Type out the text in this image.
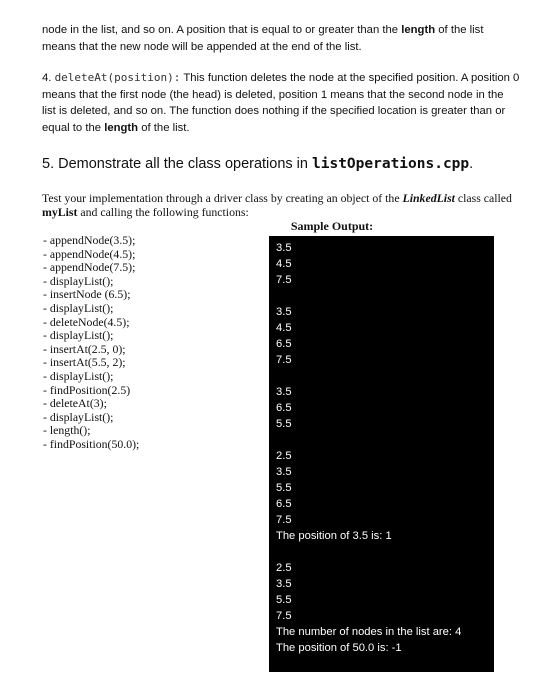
node in the list, and so on. A position that is equal to or greater than the length of the list means that the new node will be appended at the end of the list.
4. deleteAt(position): This function deletes the node at the specified position. A position 0 means that the first node (the head) is deleted, position 1 means that the second node in the list is deleted, and so on. The function does nothing if the specified location is greater than or equal to the length of the list.
5. Demonstrate all the class operations in listOperations.cpp.
Test your implementation through a driver class by creating an object of the LinkedList class called myList and calling the following functions:
Sample Output:
- appendNode(3.5);
- appendNode(4.5);
- appendNode(7.5);
- displayList();
- insertNode (6.5);
- displayList();
- deleteNode(4.5);
- displayList();
- insertAt(2.5, 0);
- insertAt(5.5, 2);
- displayList();
- findPosition(2.5)
- deleteAt(3);
- displayList();
- length();
- findPosition(50.0);
3.5
4.5
7.5
3.5
4.5
6.5
7.5
3.5
6.5
5.5
2.5
3.5
5.5
6.5
7.5
The position of 3.5 is: 1
2.5
3.5
5.5
7.5
The number of nodes in the list are: 4
The position of 50.0 is: -1
